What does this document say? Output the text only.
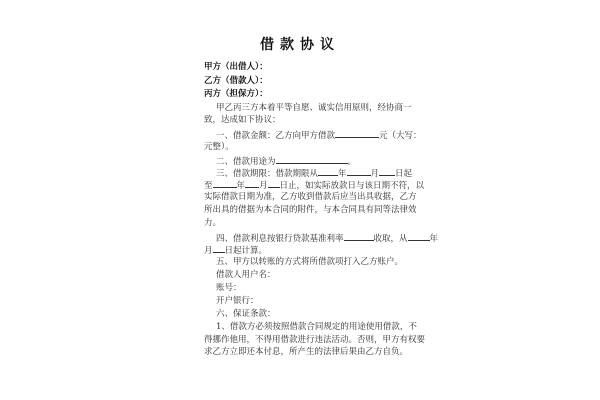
借款协议
甲方（出借人）：
乙方（借款人）：
丙方（担保方）：
甲乙丙三方本着平等自愿、诚实信用原则，经协商一
致，达成如下协议：
一、借款金额：乙方向甲方借款	元（大写：
元整）。
二、借款用途为	。
三、借款期限：借款期限从 年	月 日起
至	年 月 日止，如实际放款日与该日期不符，以
实际借款日期为准，乙方收到借款后应当出具收据，乙方
所出具的借据为本合同的附件，与本合同具有同等法律效
力。
四、借款利息按银行贷款基准利率	收取，从	年
月 日起计算。
五、甲方以转账的方式将所借款项打入乙方账户。
借款人用户名：
账号：
开户银行：
六、保证条款：
1、借款方必须按照借款合同规定的用途使用借款，不
得挪作他用，不得用借款进行违法活动。否则，甲方有权要
求乙方立即还本付息，所产生的法律后果由乙方自负。
